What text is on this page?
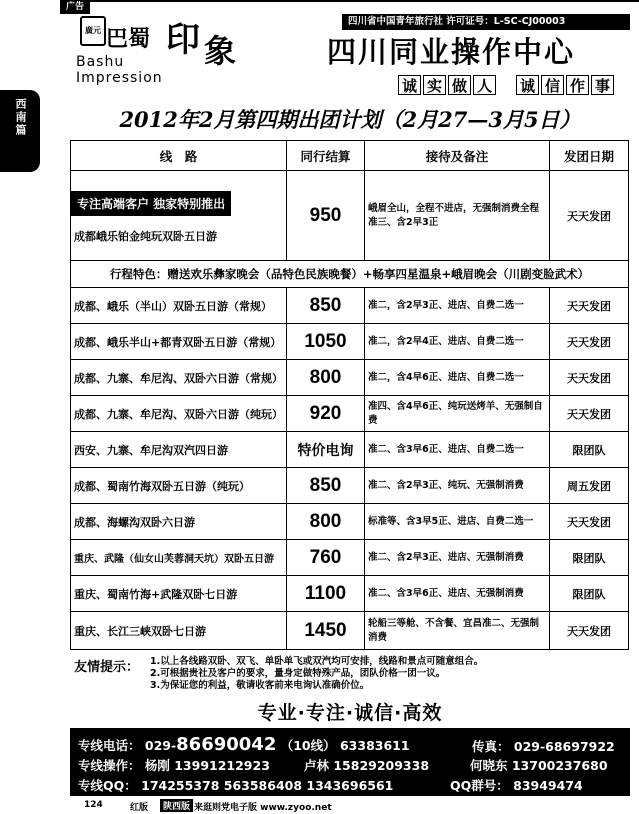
广告
西南篇
廣元 巴蜀 印 象
Bashu
Impression
四川省中国青年旅行社 许可证号：L-SC-CJ00003
四川同业操作中心
诚 实 做 人 诚 信 作 事
2012年2月第四期出团计划（2月27—3月5日）
线　路	同行结算	接待及备注	发团日期
专注高端客户 独家特别推出
成都峨乐铂金纯玩双卧五日游	950	峨眉全山，全程不进店，无强制消费全程准三、含2早3正	天天发团
行程特色：赠送欢乐彝家晚会（品特色民族晚餐）+畅享四星温泉+峨眉晚会（川剧变脸武术）			
成都、峨乐（半山）双卧五日游（常规）	850	准二，含2早3正、进店、自费二选一	天天发团
成都、峨乐半山+都青双卧五日游（常规）	1050	准二，含2早4正、进店、自费二选一	天天发团
成都、九寨、牟尼沟、双卧六日游（常规）	800	准二，含4早6正、进店、自费二选一	天天发团
成都、九寨、牟尼沟、双卧六日游（纯玩）	920	准四、含4早6正、纯玩送烤羊、无强制自费	天天发团
西安、九寨、牟尼沟双汽四日游	特价电询	准二、含3早6正、进店、自费二选一	限团队
成都、蜀南竹海双卧五日游（纯玩）	850	准二、含2早3正、纯玩、无强制消费	周五发团
成都、海螺沟双卧六日游	800	标准等、含3早5正、进店、自费二选一	天天发团
重庆、武隆（仙女山芙蓉洞天坑）双卧五日游	760	准二、含2早3正、进店、无强制消费	限团队
重庆、蜀南竹海+武隆双卧七日游	1100	准二、含3早6正、进店、无强制消费	限团队
重庆、长江三峡双卧七日游	1450	轮船三等舱、不含餐、宜昌准二、无强制消费	天天发团
友情提示： 1.以上各线路双卧、双飞、单卧单飞或双汽均可安排，线路和景点可随意组合。
2.可根据贵社及客户的要求，量身定做特殊产品，团队价格一团一议。
3.为保证您的利益，敬请收客前来电询认准确价位。
专业·专注·诚信·高效
专线电话： 029-86690042 （10线） 63383611	传真： 029-68697922
专线操作： 杨刚 13991212923	卢林 15829209338	何晓东 13700237680
专线QQ： 174255378 563586408 1343696561	QQ群号： 83949474
124	红版	陕西版 来逛则党电子版 www.zyoo.net
